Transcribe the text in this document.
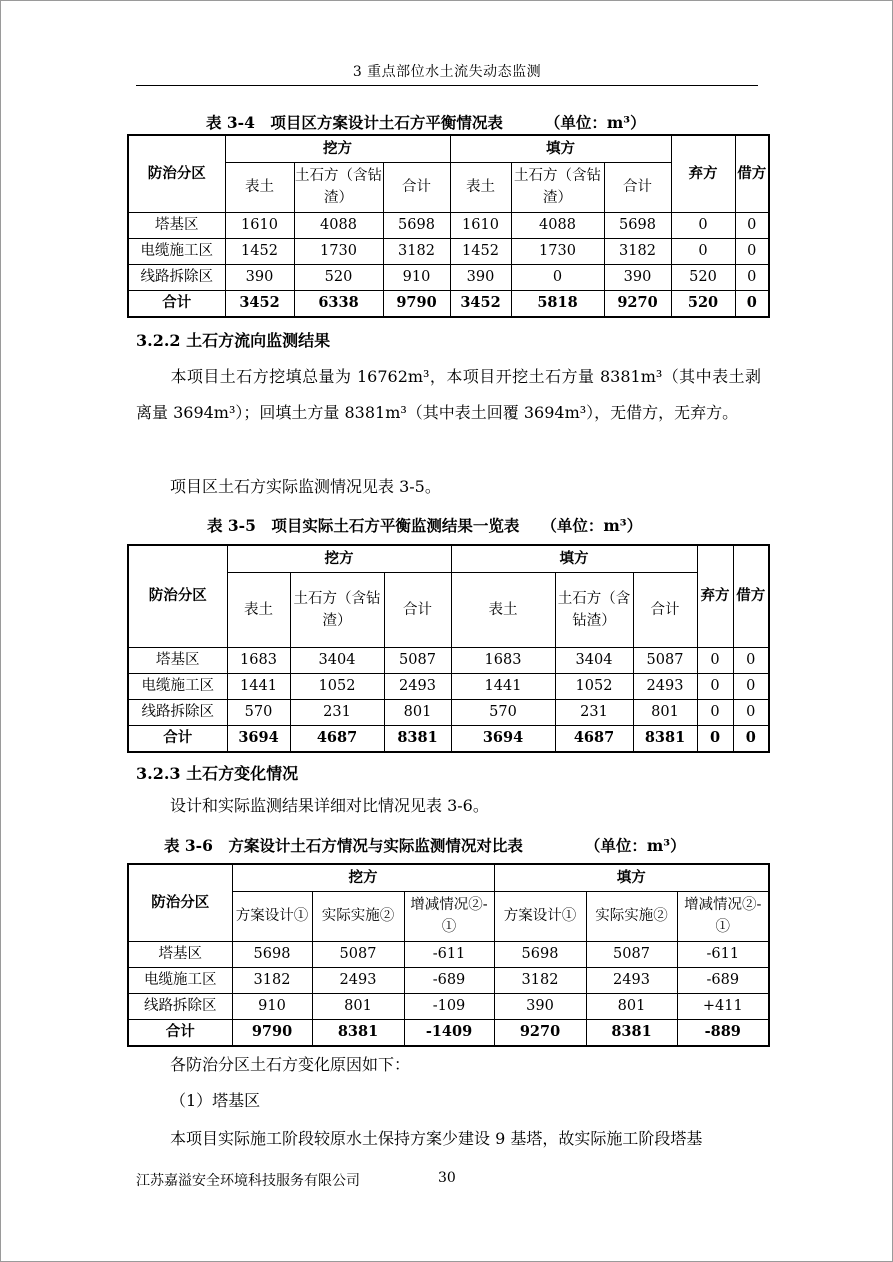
3 重点部位水土流失动态监测
表 3-4　项目区方案设计土石方平衡情况表	（单位：m³）
防治分区	挖方			填方			弃方	借方
	表土	土石方（含钻渣）	合计	表土	土石方（含钻渣）	合计		
塔基区	1610	4088	5698	1610	4088	5698	0	0
电缆施工区	1452	1730	3182	1452	1730	3182	0	0
线路拆除区	390	520	910	390	0	390	520	0
合计	3452	6338	9790	3452	5818	9270	520	0
3.2.2 土石方流向监测结果
本项目土石方挖填总量为 16762m³，本项目开挖土石方量 8381m³（其中表土剥离量 3694m³）；回填土方量 8381m³（其中表土回覆 3694m³），无借方，无弃方。
项目区土石方实际监测情况见表 3-5。
表 3-5　项目实际土石方平衡监测结果一览表 （单位：m³）
防治分区	挖方			填方			弃方	借方
	表土	土石方（含钻渣）	合计	表土	土石方（含钻渣）	合计		
塔基区	1683	3404	5087	1683	3404	5087	0	0
电缆施工区	1441	1052	2493	1441	1052	2493	0	0
线路拆除区	570	231	801	570	231	801	0	0
合计	3694	4687	8381	3694	4687	8381	0	0
3.2.3 土石方变化情况
设计和实际监测结果详细对比情况见表 3-6。
表 3-6　方案设计土石方情况与实际监测情况对比表	（单位：m³）
防治分区	挖方			填方		
	方案设计①	实际实施②	增减情况②-①	方案设计①	实际实施②	增减情况②-①
塔基区	5698	5087	-611	5698	5087	-611
电缆施工区	3182	2493	-689	3182	2493	-689
线路拆除区	910	801	-109	390	801	+411
合计	9790	8381	-1409	9270	8381	-889
各防治分区土石方变化原因如下：
（1）塔基区
本项目实际施工阶段较原水土保持方案少建设 9 基塔，故实际施工阶段塔基
江苏嘉溢安全环境科技服务有限公司	30
